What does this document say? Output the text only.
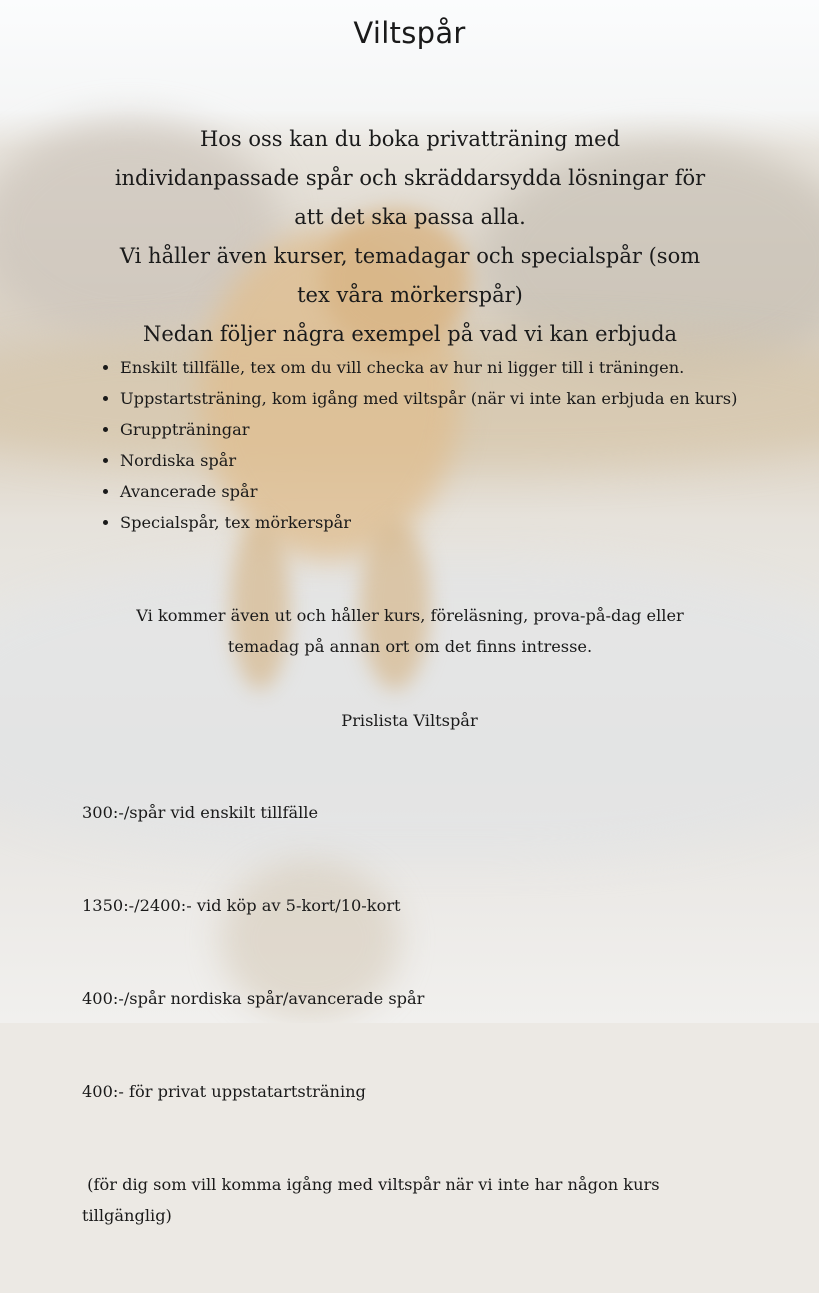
Viltspår

Hos oss kan du boka privatträning med
individanpassade spår och skräddarsydda lösningar för
att det ska passa alla.
Vi håller även kurser, temadagar och specialspår (som
tex våra mörkerspår)
Nedan följer några exempel på vad vi kan erbjuda

• Enskilt tillfälle, tex om du vill checka av hur ni ligger till i träningen.
• Uppstartsträning, kom igång med viltspår (när vi inte kan erbjuda en kurs)
• Gruppträningar
• Nordiska spår
• Avancerade spår
• Specialspår, tex mörkerspår

Vi kommer även ut och håller kurs, föreläsning, prova-på-dag eller
temadag på annan ort om det finns intresse.

Prislista Viltspår

300:-/spår vid enskilt tillfälle

1350:-/2400:- vid köp av 5-kort/10-kort

400:-/spår nordiska spår/avancerade spår

400:- för privat uppstatartsträning

(för dig som vill komma igång med viltspår när vi inte har någon kurs tillgänglig)
